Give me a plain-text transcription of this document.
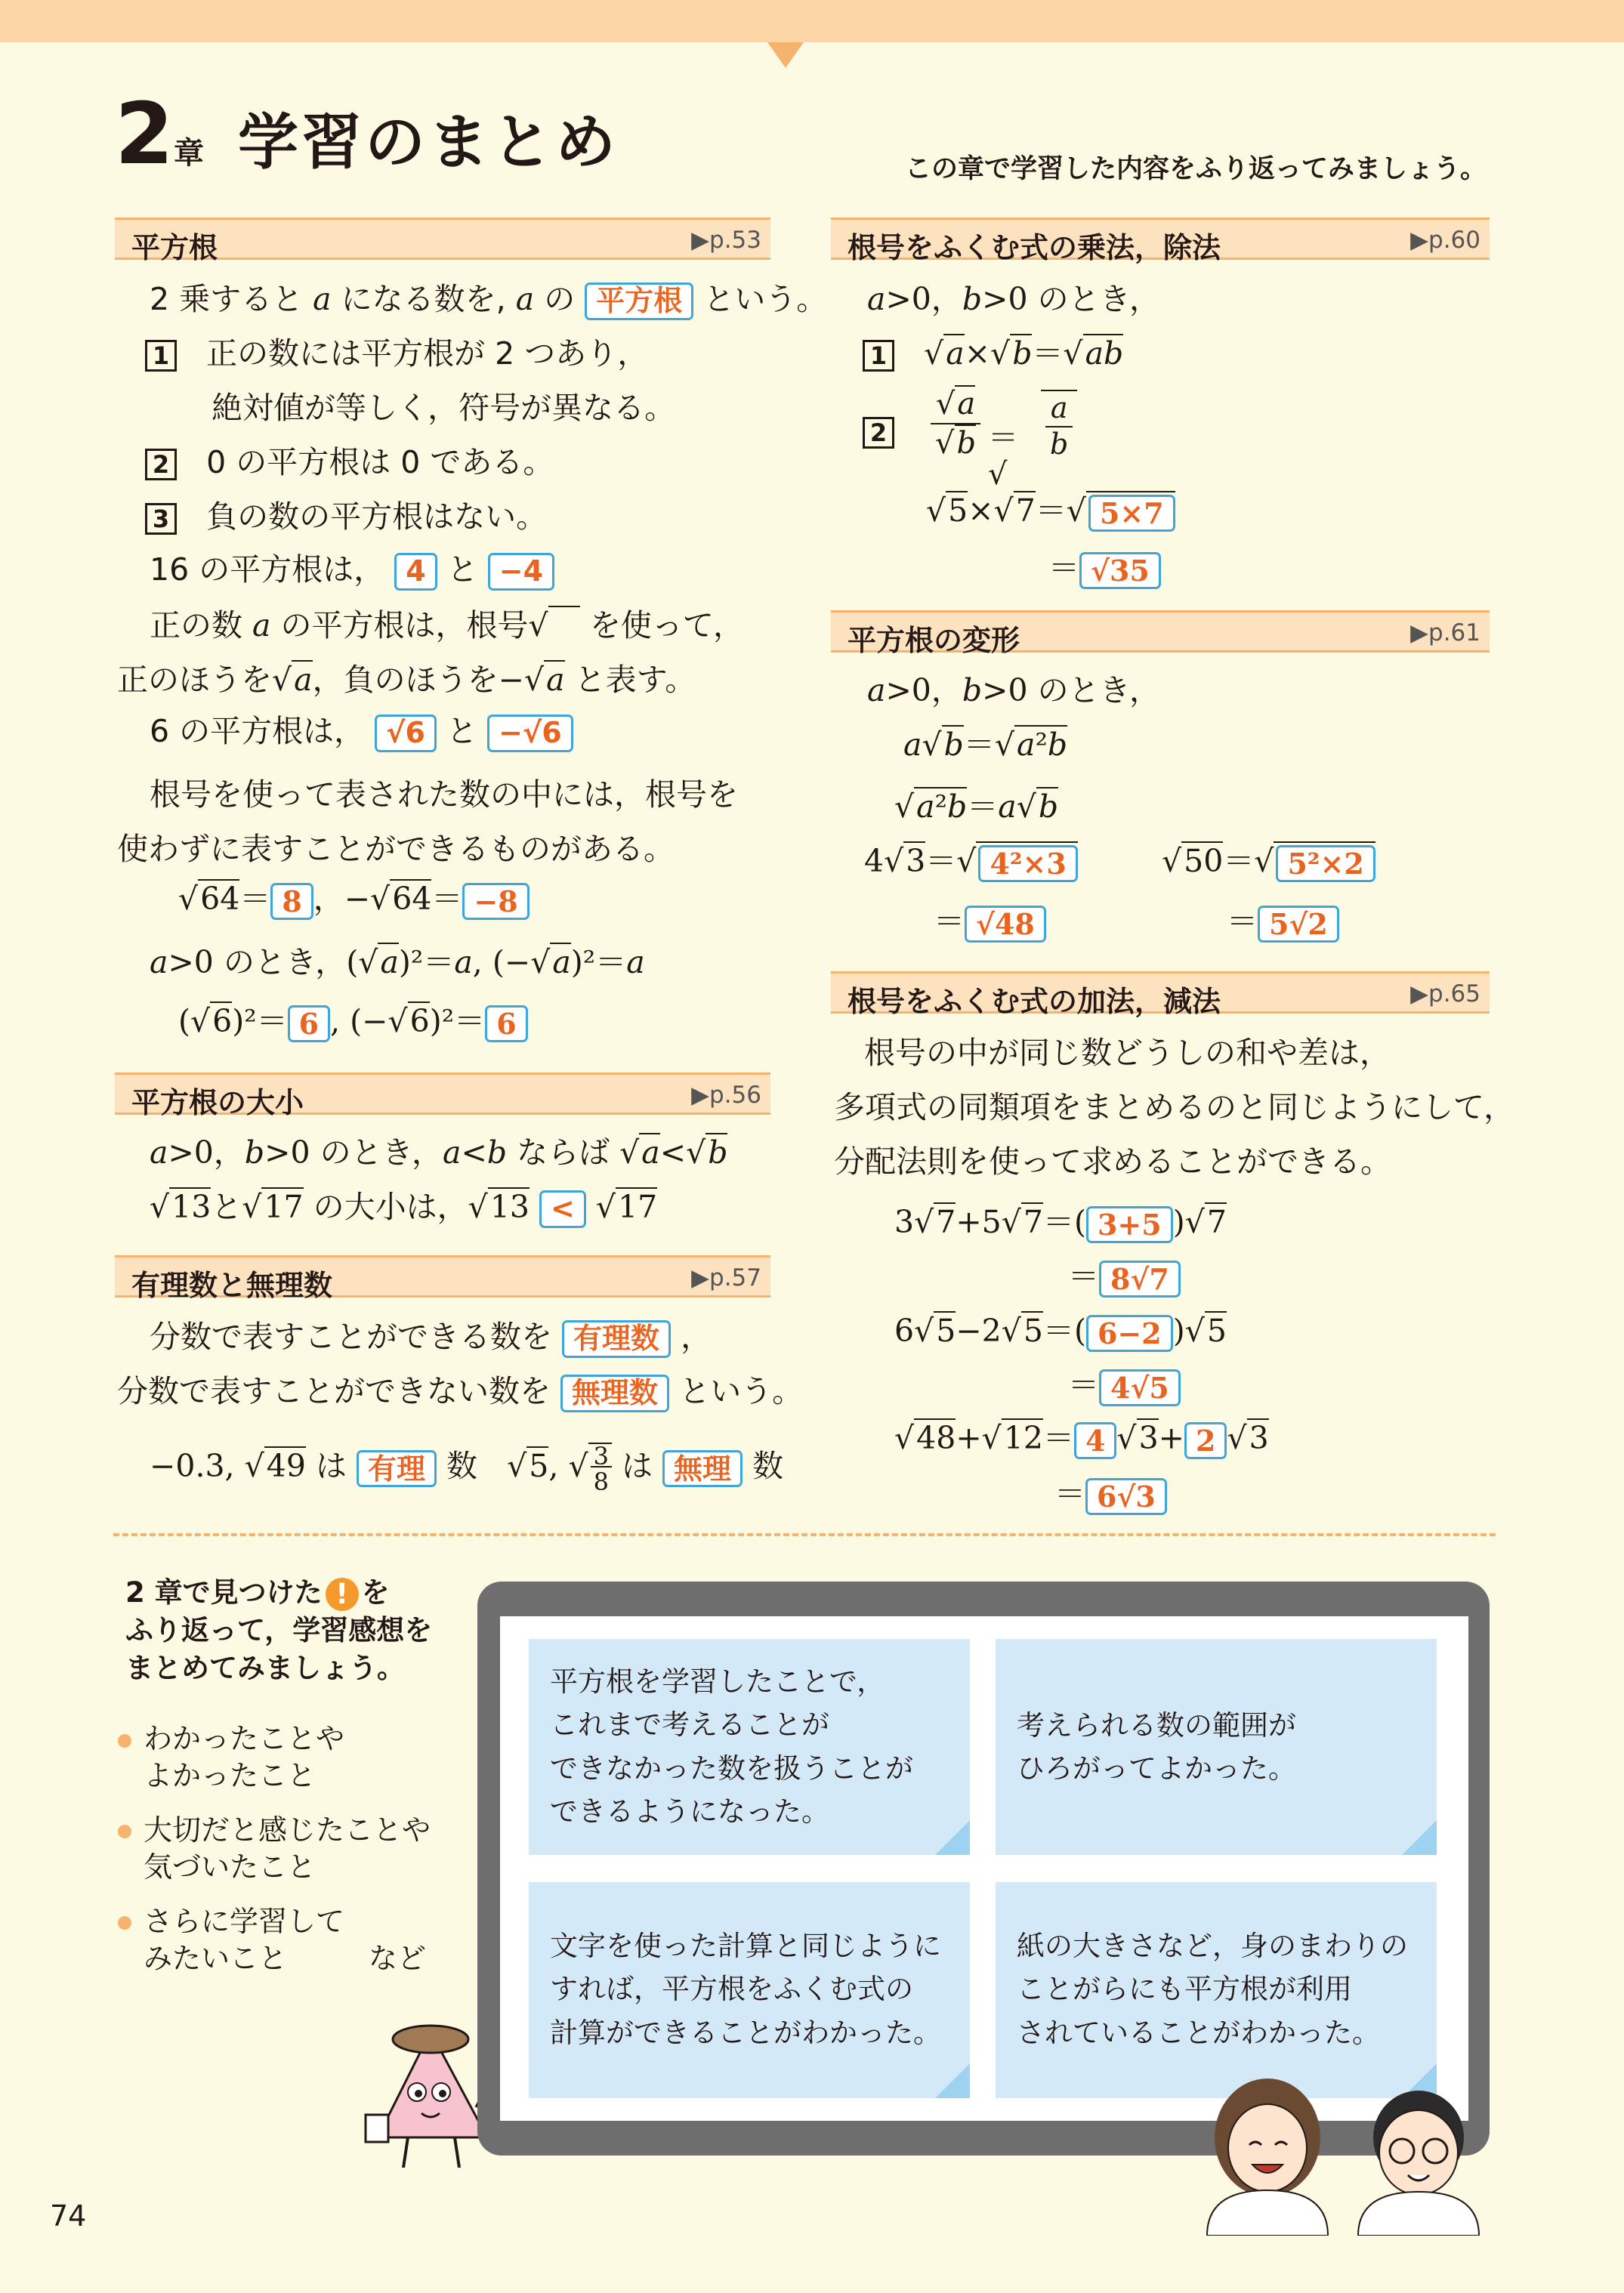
2章 学習のまとめ	この章で学習した内容をふり返ってみましょう。
平方根	▶p.53
2 乗すると a になる数を, a の 平方根 という。
1 正の数には平方根が 2 つあり，
絶対値が等しく，符号が異なる。
2 0 の平方根は 0 である。
3 負の数の平方根はない。
16 の平方根は， 4 と −4
正の数 a の平方根は，根号√    を使って，
正のほうを√a，負のほうを−√a と表す。
6 の平方根は， √6 と −√6
根号を使って表された数の中には，根号を
使わずに表すことができるものがある。
√64＝ 8 ，−√64＝ −8
a>0 のとき，(√a)²＝a, (−√a)²＝a
(√6)²＝ 6 , (−√6)²＝ 6
平方根の大小	▶p.56
a>0，b>0 のとき，a<b ならば √a<√b
√13と√17 の大小は，√13 < √17
有理数と無理数	▶p.57
分数で表すことができる数を 有理数 ，
分数で表すことができない数を 無理数 という。
−0.3, √49 は 有理 数   √5, √ 3
8 は 無理 数
根号をふくむ式の乗法，除法	▶p.60
a>0，b>0 のとき，
1 √a×√b＝√ab
2
√a
√b ＝√
a
b
√5×√7＝√ 5×7
＝ √35
平方根の変形	▶p.61
a>0，b>0 のとき，
a√b＝√a²b
√a²b＝a√b
4√3＝√ 4²×3
＝ √48
√50＝√ 5²×2
＝ 5√2
根号をふくむ式の加法，減法	▶p.65
根号の中が同じ数どうしの和や差は，
多項式の同類項をまとめるのと同じようにして，
分配法則を使って求めることができる。
3√7+5√7＝( 3+5 )√7
＝ 8√7
6√5−2√5＝( 6−2 )√5
＝ 4√5
√48+√12＝ 4 √3+ 2 √3
＝ 6√3
2 章で見つけた ! を
ふり返って，学習感想を
まとめてみましょう。
わかったことや
よかったこと
大切だと感じたことや
気づいたこと
さらに学習して
みたいこと	など
平方根を学習したことで，
これまで考えることが
できなかった数を扱うことが
できるようになった。
考えられる数の範囲が
ひろがってよかった。
文字を使った計算と同じように
すれば，平方根をふくむ式の
計算ができることがわかった。
紙の大きさなど，身のまわりの
ことがらにも平方根が利用
されていることがわかった。
74
